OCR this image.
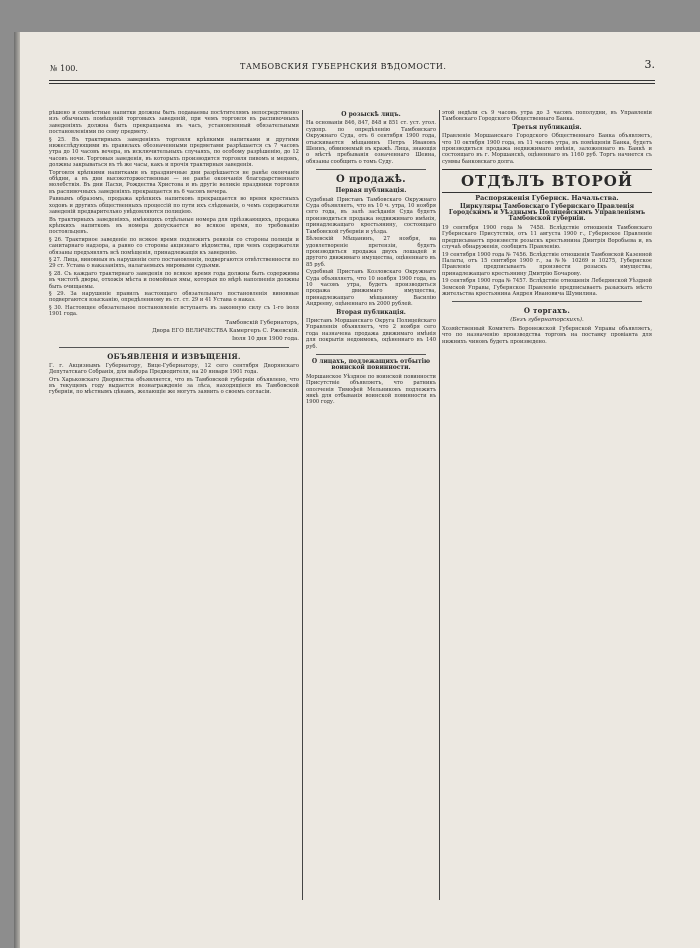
№ 100.	ТАМБОВСКИЯ ГУБЕРНСКИЯ ВѢДОМОСТИ.	3.

рѣшено и совмѣстные напитки должны быть подаваемы посѣтителямъ непосредственно изъ обычныхъ помѣщеній торговыхъ заведеній, при чемъ торговля въ распивочныхъ заведеніяхъ должна быть прекращаема въ часъ, установленный обязательными постановленіями по сему предмету.

§ 25. Въ трактирныхъ заведеніяхъ торговля крѣпкими напитками и другими нижеслѣдующими въ правилахъ обозначенными предметами разрѣшается съ 7 часовъ утра до 10 часовъ вечера, въ исключительныхъ случаяхъ, по особому разрѣшенію, до 12 часовъ ночи. Торговыя заведенія, въ которыхъ производится торговля пивомъ и медомъ, должны закрываться въ тѣ же часы, какъ и прочія трактирныя заведенія.

Торговля крѣпкими напитками въ праздничные дни разрѣшается не ранѣе окончанія обѣдни, а въ дни высокоторжественные — не ранѣе окончанія благодарственнаго молебствія. Въ дни Пасхи, Рождества Христова и въ другіе великіе праздники торговля въ распивочныхъ заведеніяхъ прекращается въ 6 часовъ вечера.

Равнымъ образомъ, продажа крѣпкихъ напитковъ прекращается во время крестныхъ ходовъ и другихъ общественныхъ процессій по пути ихъ слѣдованія, о чемъ содержатели заведеній предварительно увѣдомляются полиціею.

Въ трактирныхъ заведеніяхъ, имѣющихъ отдѣльные номера для пріѣзжающихъ, продажа крѣпкихъ напитковъ въ номера допускается во всякое время, по требованію постояльцевъ.

§ 26. Трактирное заведеніе по всякое время подлежитъ ревизіи со стороны полиціи и санитарнаго надзора, а равно со стороны акцизнаго вѣдомства, при чемъ содержатели обязаны предъявлять всѣ помѣщенія, принадлежащія къ заведенію.

§ 27. Лица, виновныя въ нарушеніи сего постановленія, подвергаются отвѣтственности по 29 ст. Устава о наказаніяхъ, налагаемыхъ мировыми судьями.

§ 28. Съ каждаго трактирнаго заведенія по всякое время года должны быть содержимы въ чистотѣ дворы, отхожія мѣста и помойныя ямы, которыя по мѣрѣ наполненія должны быть очищаемы.

§ 29. За нарушеніе правилъ настоящаго обязательнаго постановленія виновные подвергаются взысканію, опредѣленному въ ст. ст. 29 и 41 Устава о наказ.

§ 30. Настоящее обязательное постановленіе вступаетъ въ законную силу съ 1-го іюля 1901 года.

Тамбовскій Губернаторъ,
Двора ЕГО ВЕЛИЧЕСТВА Камергеръ С. Ржевскій.
Іюля 10 дня 1900 года.
ОБЪЯВЛЕНІЯ И ИЗВѢЩЕНІЯ.

Г. г. Акцизнымъ Губернатору, Вице-Губернатору, 12 сего сентября Дворянскаго Депутатскаго Собранія, для выбора Предводителя, на 20 января 1901 года.

Отъ Харьковскаго Дворянства объявляется, что въ Тамбовской губерніи объявлено, что въ текущемъ году выдается вознагражденіе за лѣса, находящіеся въ Тамбовской губерніи, по мѣстнымъ цѣнамъ, желающіе же могутъ заявить о своемъ согласіи.

О розыскѣ лицъ.

На основаніи 846, 847, 848 и 851 ст. уст. угол. судопр. по опредѣленію Тамбовскаго Окружнаго Суда, отъ 6 сентября 1900 года, отыскивается мѣщанинъ Петръ Ивановъ Шеинъ, обвиняемый въ кражѣ. Лица, знающія о мѣстѣ пребыванія означеннаго Шеина, обязаны сообщить о томъ Суду.

О продажѣ.
Первая публикація.

Судебный Приставъ Тамбовскаго Окружнаго Суда объявляетъ, что въ 10 ч. утра, 10 ноября сего года, въ залѣ засѣданія Суда будетъ производиться продажа недвижимаго имѣнія, принадлежащаго крестьянину, состоящаго Тамбовской губерніи и уѣзда.

Бѣлевскій Мѣщанинъ, 27 ноября, на удовлетвореніе претензіи, будетъ производиться продажа двухъ лошадей и другого движимаго имущества, оцѣненнаго въ 85 руб.

Судебный Приставъ Козловскаго Окружнаго Суда объявляетъ, что 10 ноября 1900 года, въ 10 часовъ утра, будетъ производиться продажа движимаго имущества, принадлежащаго мѣщанину Василію Андрееву, оцѣненнаго въ 2000 рублей.

Вторая публикація.

Приставъ Моршанскаго Округа Полицейскаго Управленія объявляетъ, что 2 ноября сего года назначена продажа движимаго имѣнія для покрытія недоимокъ, оцѣненнаго въ 140 руб.

О лицахъ, подлежащихъ отбытію воинской повинности.

Моршанское Уѣздное по воинской повинности Присутствіе объявляетъ, что ратникъ ополченія Тимофей Мельниковъ подлежитъ явкѣ для отбыванія воинской повинности въ 1900 году.

этой недѣли съ 9 часовъ утра до 3 часовъ пополудни, въ Управленіи Тамбовскаго Городского Общественнаго Банка.

Третья публикація.

Правленіе Моршанскаго Городского Общественнаго Банка объявляетъ, что 10 октября 1900 года, въ 11 часовъ утра, въ помѣщеніи Банка, будетъ производиться продажа недвижимаго имѣнія, заложеннаго въ Банкѣ и состоящаго въ г. Моршанскѣ, оцѣненнаго въ 1160 руб. Торгъ начнется съ суммы банковскаго долга.

ОТДѢЛЪ ВТОРОЙ
Распоряженія Губернск. Начальства.
Циркуляры Тамбовскаго Губернскаго Правленія Городскимъ и Уѣзднымъ Полицейскимъ Управленіямъ Тамбовской губерніи.

19 сентября 1900 года № 7458. Вслѣдствіе отношенія Тамбовскаго Губернскаго Присутствія, отъ 11 августа 1900 г., Губернское Правленіе предписываетъ произвести розыскъ крестьянина Дмитрія Воробьева и, въ случаѣ обнаруженія, сообщить Правленію.

19 сентября 1900 года № 7456. Вслѣдствіе отношенія Тамбовской Казенной Палаты, отъ 15 сентября 1900 г., за №№ 10269 и 10275, Губернское Правленіе предписываетъ произвести розыскъ имущества, принадлежащаго крестьянину Дмитрію Бочарову.

19 сентября 1900 года № 7457. Вслѣдствіе отношенія Лебедянской Уѣздной Земской Управы, Губернское Правленіе предписываетъ разыскать мѣсто жительства крестьянина Андрея Ивановича Шумилина.

О торгахъ.
(Безъ губернаторскихъ).

Хозяйственный Комитетъ Воронежской Губернской Управы объявляетъ, что по назначенію производства торговъ на поставку провіанта для нижнихъ чиновъ будетъ произведено.
